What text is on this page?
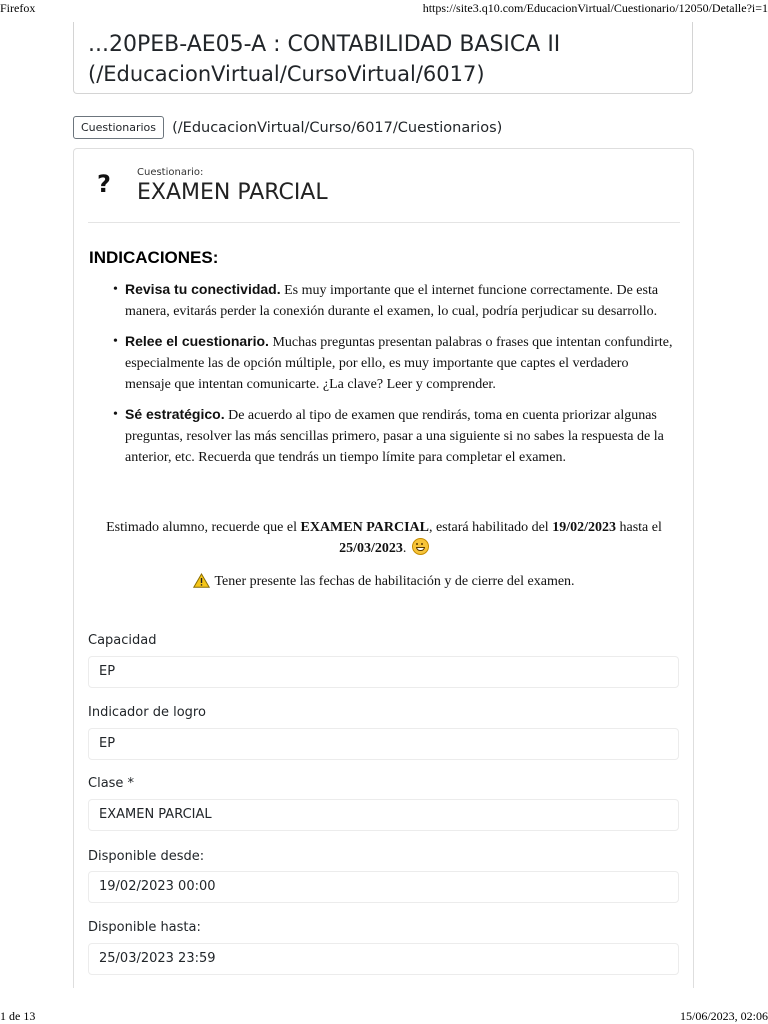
Firefox	https://site3.q10.com/EducacionVirtual/Cuestionario/12050/Detalle?i=1
...20PEB-AE05-A : CONTABILIDAD BASICA II
(/EducacionVirtual/CursoVirtual/6017)
Cuestionarios (/EducacionVirtual/Curso/6017/Cuestionarios)
?	Cuestionario:
EXAMEN PARCIAL
INDICACIONES:
• Revisa tu conectividad. Es muy importante que el internet funcione correctamente. De esta manera, evitarás perder la conexión durante el examen, lo cual, podría perjudicar su desarrollo.
• Relee el cuestionario. Muchas preguntas presentan palabras o frases que intentan confundirte, especialmente las de opción múltiple, por ello, es muy importante que captes el verdadero mensaje que intentan comunicarte. ¿La clave? Leer y comprender.
• Sé estratégico. De acuerdo al tipo de examen que rendirás, toma en cuenta priorizar algunas preguntas, resolver las más sencillas primero, pasar a una siguiente si no sabes la respuesta de la anterior, etc. Recuerda que tendrás un tiempo límite para completar el examen.
Estimado alumno, recuerde que el EXAMEN PARCIAL, estará habilitado del 19/02/2023 hasta el 25/03/2023.
Tener presente las fechas de habilitación y de cierre del examen.
Capacidad
EP
Indicador de logro
EP
Clase *
EXAMEN PARCIAL
Disponible desde:
19/02/2023 00:00
Disponible hasta:
25/03/2023 23:59
1 de 13	15/06/2023, 02:06
